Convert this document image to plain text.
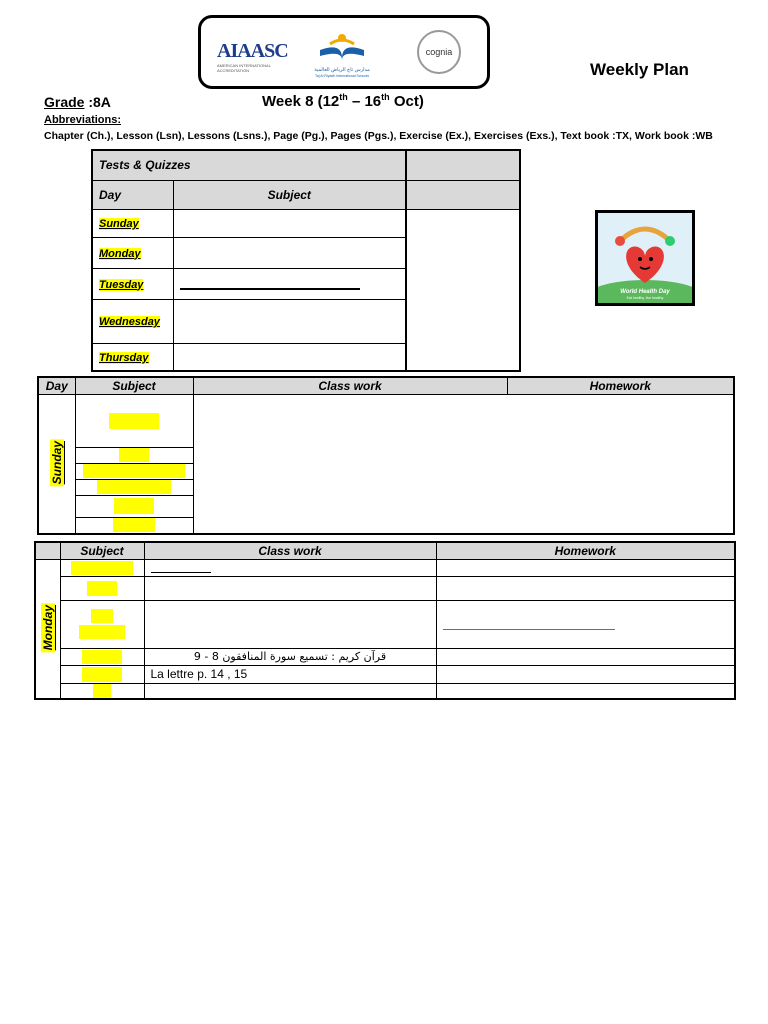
AIAASC
AMERICAN INTERNATIONAL ACCREDITATION	مدارس تاج الرياض العالمية
Taj Al Riyadh International Schools
cognia
Weekly Plan
Grade :8A	Week 8 (12th – 16th Oct)
Abbreviations:
Chapter (Ch.), Lesson (Lsn), Lessons (Lsns.), Page (Pg.), Pages (Pgs.), Exercise (Ex.), Exercises (Exs.), Text book :TX, Work book :WB
Tests & Quizzes		
Day	Subject	
Sunday		
Monday		
Tuesday		

Wednesday		
Thursday		
World Health Day
Eat healthy, live healthy
Day	Subject	Class work	Homework
Sunday		

	Subject	Class work	Homework
Monday	

		قرآن كريم : تسميع سورة المنافقون 8 - 9	

		La lettre p. 14 , 15	
